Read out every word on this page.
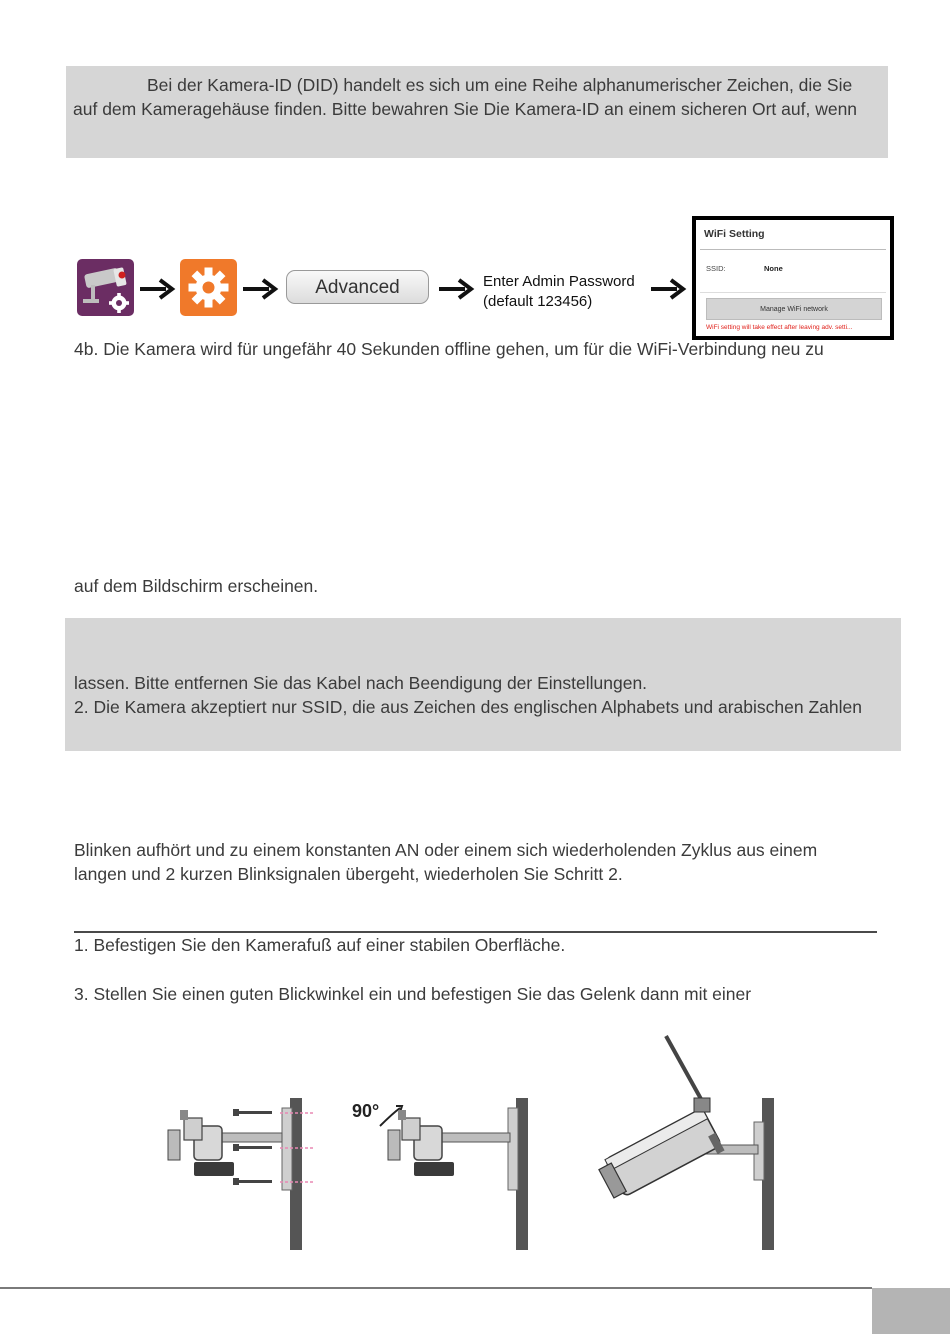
Bei der Kamera-ID (DID) handelt es sich um eine Reihe alphanumerischer Zeichen, die Sie
auf dem Kameragehäuse finden. Bitte bewahren Sie Die Kamera-ID an einem sicheren Ort auf, wenn
Advanced	Enter Admin Password
(default 123456)
WiFi Setting
SSID:	None
Manage WiFi network
WiFi setting will take effect after leaving adv. setti...
4b. Die Kamera wird für ungefähr 40 Sekunden offline gehen, um für die WiFi-Verbindung neu zu
auf dem Bildschirm erscheinen.
lassen. Bitte entfernen Sie das Kabel nach Beendigung der Einstellungen.
2. Die Kamera akzeptiert nur SSID, die aus Zeichen des englischen Alphabets und arabischen Zahlen
Blinken aufhört und zu einem konstanten AN oder einem sich wiederholenden Zyklus aus einem
langen und 2 kurzen Blinksignalen übergeht, wiederholen Sie Schritt 2.
1. Befestigen Sie den Kamerafuß auf einer stabilen Oberfläche.
3. Stellen Sie einen guten Blickwinkel ein und befestigen Sie das Gelenk dann mit einer
90°
